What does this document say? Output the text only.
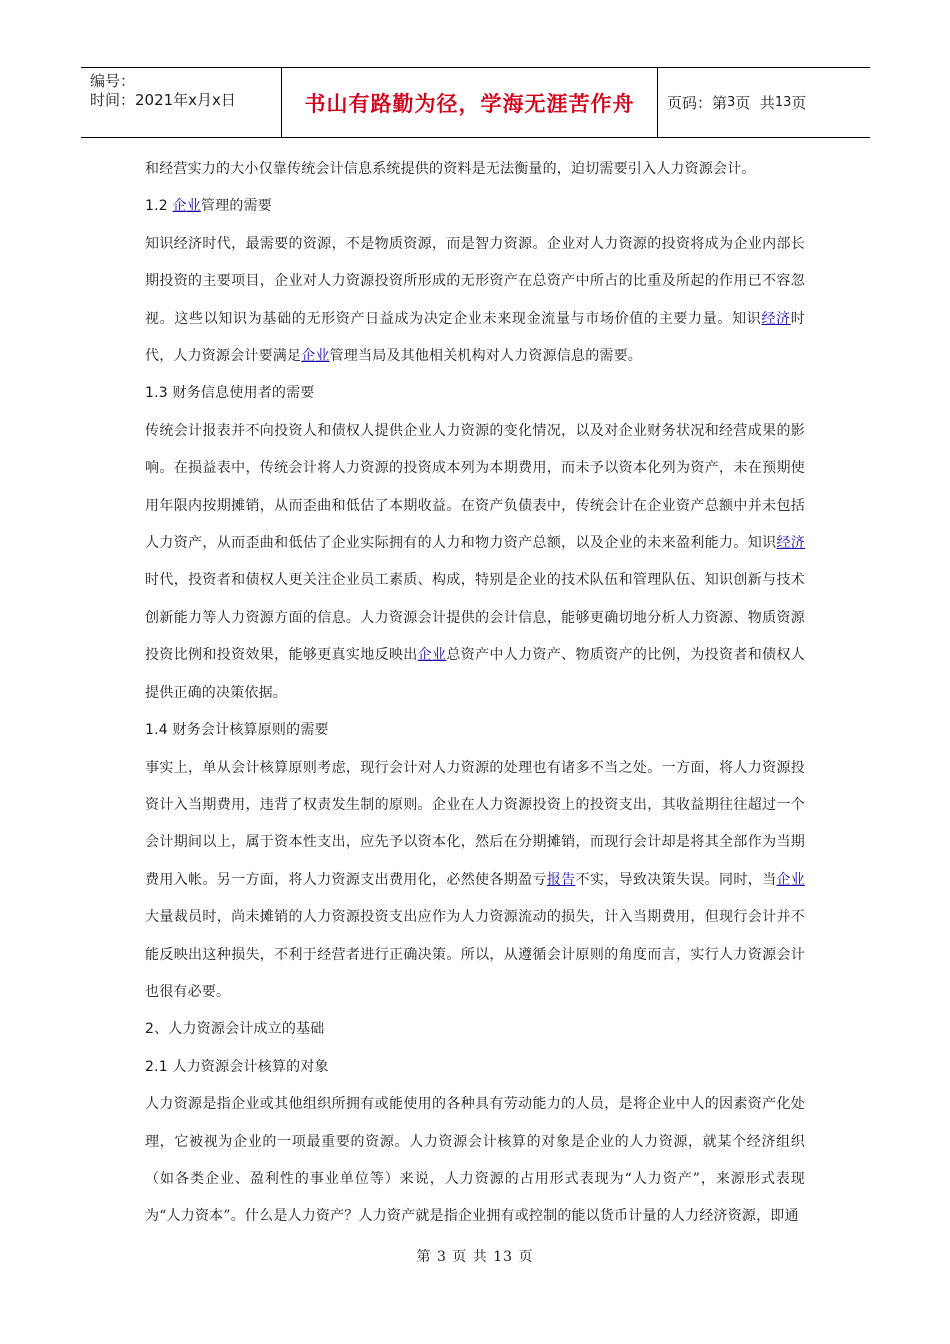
编号：
时间：2021年x月x日	书山有路勤为径，学海无涯苦作舟	页码：第 3 页  共 13 页

和经营实力的大小仅靠传统会计信息系统提供的资料是无法衡量的，迫切需要引入人力资源会计。

1.2 企业管理的需要

知识经济时代，最需要的资源，不是物质资源，而是智力资源。企业对人力资源的投资将成为企业内部长期投资的主要项目，企业对人力资源投资所形成的无形资产在总资产中所占的比重及所起的作用已不容忽视。这些以知识为基础的无形资产日益成为决定企业未来现金流量与市场价值的主要力量。知识经济时代，人力资源会计要满足企业管理当局及其他相关机构对人力资源信息的需要。

1.3 财务信息使用者的需要

传统会计报表并不向投资人和债权人提供企业人力资源的变化情况，以及对企业财务状况和经营成果的影响。在损益表中，传统会计将人力资源的投资成本列为本期费用，而未予以资本化列为资产，未在预期使用年限内按期摊销，从而歪曲和低估了本期收益。在资产负债表中，传统会计在企业资产总额中并未包括人力资产，从而歪曲和低估了企业实际拥有的人力和物力资产总额，以及企业的未来盈利能力。知识经济时代，投资者和债权人更关注企业员工素质、构成，特别是企业的技术队伍和管理队伍、知识创新与技术创新能力等人力资源方面的信息。人力资源会计提供的会计信息，能够更确切地分析人力资源、物质资源投资比例和投资效果，能够更真实地反映出企业总资产中人力资产、物质资产的比例，为投资者和债权人提供正确的决策依据。

1.4 财务会计核算原则的需要

事实上，单从会计核算原则考虑，现行会计对人力资源的处理也有诸多不当之处。一方面，将人力资源投资计入当期费用，违背了权责发生制的原则。企业在人力资源投资上的投资支出，其收益期往往超过一个会计期间以上，属于资本性支出，应先予以资本化，然后在分期摊销，而现行会计却是将其全部作为当期费用入帐。另一方面，将人力资源支出费用化，必然使各期盈亏报告不实，导致决策失误。同时，当企业大量裁员时，尚未摊销的人力资源投资支出应作为人力资源流动的损失，计入当期费用，但现行会计并不能反映出这种损失，不利于经营者进行正确决策。所以，从遵循会计原则的角度而言，实行人力资源会计也很有必要。

2、人力资源会计成立的基础

2.1 人力资源会计核算的对象

人力资源是指企业或其他组织所拥有或能使用的各种具有劳动能力的人员，是将企业中人的因素资产化处理，它被视为企业的一项最重要的资源。人力资源会计核算的对象是企业的人力资源，就某个经济组织（如各类企业、盈利性的事业单位等）来说，人力资源的占用形式表现为“人力资产”，来源形式表现为“人力资本”。什么是人力资产？人力资产就是指企业拥有或控制的能以货币计量的人力经济资源，即通

第 3 页 共 13 页
